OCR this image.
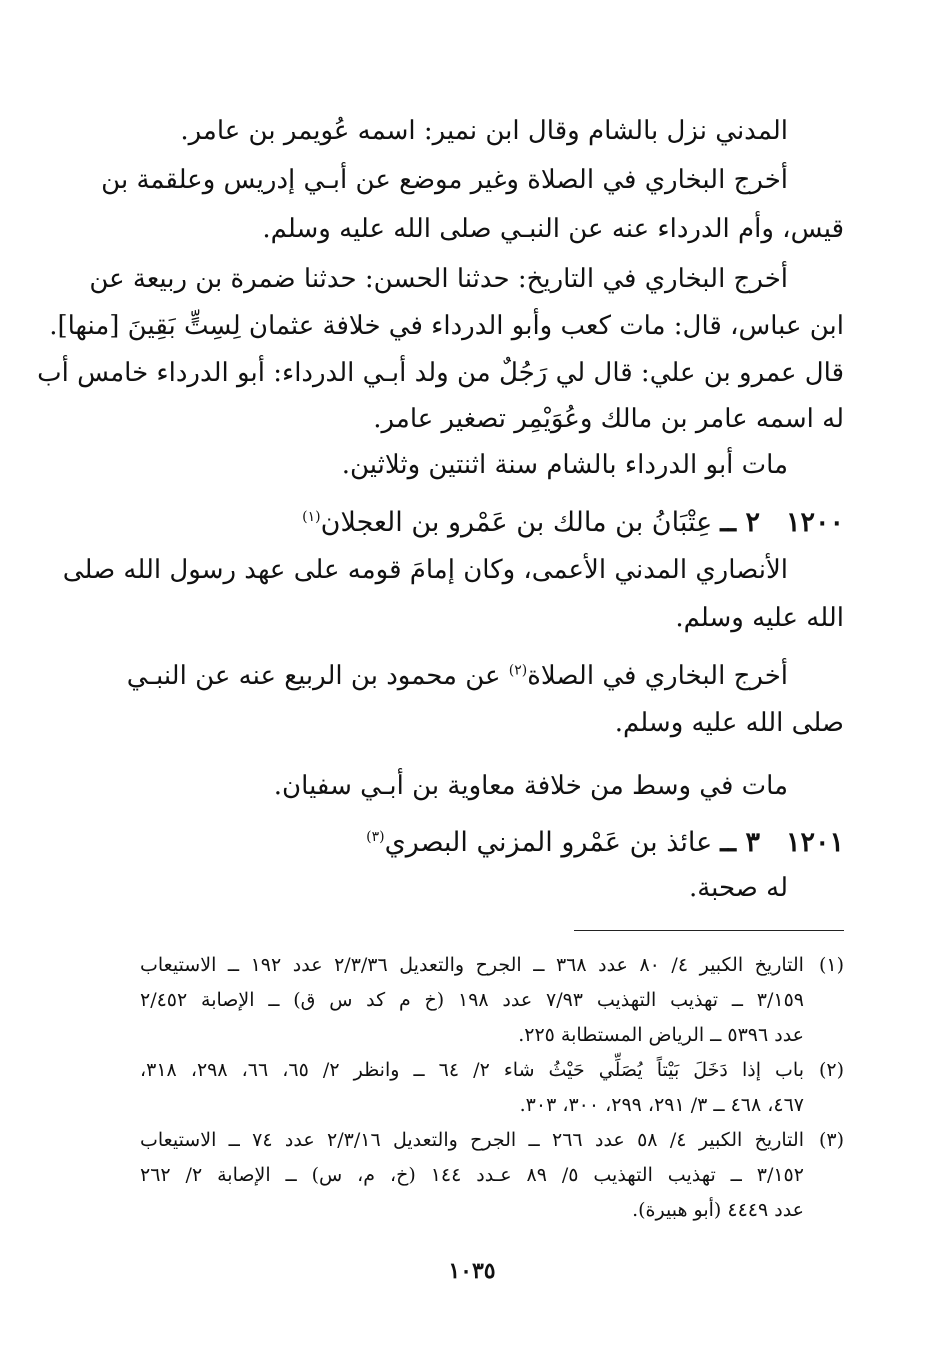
المدني نزل بالشام وقال ابن نمير: اسمه عُويمر بن عامر.
أخرج البخاري في الصلاة وغير موضع عن أبـي إدريس وعلقمة بن
قيس، وأم الدرداء عنه عن النبـي صلى الله عليه وسلم.
أخرج البخاري في التاريخ: حدثنا الحسن: حدثنا ضمرة بن ربيعة عن
ابن عباس، قال: مات كعب وأبو الدرداء في خلافة عثمان لِسِتٍّ بَقِينَ [منها].
قال عمرو بن علي: قال لي رَجُلٌ من ولد أبـي الدرداء: أبو الدرداء خامس أب
له اسمه عامر بن مالك وعُوَيْمِر تصغير عامر.
مات أبو الدرداء بالشام سنة اثنتين وثلاثين.
١٢٠٠٢ ــعِتْبَانُ بن مالك بن عَمْرو بن العجلان$^{(١)}$
الأنصاري المدني الأعمى، وكان إمامَ قومه على عهد رسول الله صلى
الله عليه وسلم.
أخرج البخاري في الصلاة$^{(٢)}$ عن محمود بن الربيع عنه عن النبـي
صلى الله عليه وسلم.
مات في وسط من خلافة معاوية بن أبـي سفيان.
١٢٠١٣ ــعائذ بن عَمْرو المزني البصري$^{(٣)}$
له صحبة.
(١)
التاريخ الكبير ٤/ ٨٠ عدد ٣٦٨ ــ الجرح والتعديل ٢/٣/٣٦ عدد ١٩٢ ــ الاستيعاب
٣/١٥٩ ــ تهذيب التهذيب ٧/٩٣ عدد ١٩٨ (خ م كد س ق) ــ الإصابة ٢/٤٥٢
عدد ٥٣٩٦ ــ الرياض المستطابة ٢٢٥.
(٢)
باب إذا دَخَلَ بَيْتاً يُصَلِّي حَيْثُ شاء ٢/ ٦٤ ــ وانظر ٢/ ٦٥، ٦٦، ٢٩٨، ٣١٨،
٤٦٧، ٤٦٨ ــ ٣/ ٢٩١، ٢٩٩، ٣٠٠، ٣٠٣.
(٣)
التاريخ الكبير ٤/ ٥٨ عدد ٢٦٦ ــ الجرح والتعديل ٢/٣/١٦ عدد ٧٤ ــ الاستيعاب
٣/١٥٢ ــ تهذيب التهذيب ٥/ ٨٩ عـدد ١٤٤ (خ، م، س) ــ الإصابة ٢/ ٢٦٢
عدد ٤٤٤٩ (أبو هبيرة).
١٠٣٥
